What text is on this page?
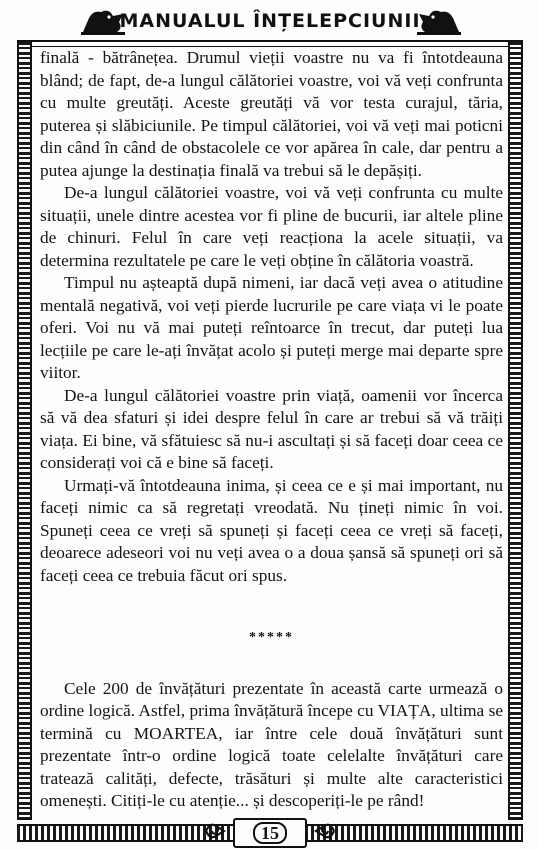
MANUALUL ÎNȚELEPCIUNII

finală - bătrânețea. Drumul vieții voastre nu va fi întotdeauna blând; de fapt, de-a lungul călătoriei voastre, voi vă veți confrunta cu multe greutăți. Aceste greutăți vă vor testa curajul, tăria, puterea și slăbiciunile. Pe timpul călătoriei, voi vă veți mai poticni din când în când de obstacolele ce vor apărea în cale, dar pentru a putea ajunge la destinația finală va trebui să le depășiți.

De-a lungul călătoriei voastre, voi vă veți confrunta cu multe situații, unele dintre acestea vor fi pline de bucurii, iar altele pline de chinuri. Felul în care veți reacționa la acele situații, va determina rezultatele pe care le veți obține în călătoria voastră.

Timpul nu așteaptă după nimeni, iar dacă veți avea o atitudine mentală negativă, voi veți pierde lucrurile pe care viața vi le poate oferi. Voi nu vă mai puteți reîntoarce în trecut, dar puteți lua lecțiile pe care le-ați învățat acolo și puteți merge mai departe spre viitor.

De-a lungul călătoriei voastre prin viață, oamenii vor încerca să vă dea sfaturi și idei despre felul în care ar trebui să vă trăiți viața. Ei bine, vă sfătuiesc să nu-i ascultați și să faceți doar ceea ce considerați voi că e bine să faceți.

Urmați-vă întotdeauna inima, și ceea ce e și mai important, nu faceți nimic ca să regretați vreodată. Nu țineți nimic în voi. Spuneți ceea ce vreți să spuneți și faceți ceea ce vreți să faceți, deoarece adeseori voi nu veți avea o a doua șansă să spuneți ori să faceți ceea ce trebuia făcut ori spus.

*****

Cele 200 de învățături prezentate în această carte urmează o ordine logică. Astfel, prima învățătură începe cu VIAȚA, ultima se termină cu MOARTEA, iar între cele două învățături sunt prezentate într-o ordine logică toate celelalte învățături care tratează calități, defecte, trăsături și multe alte caracteristici omenești. Citiți-le cu atenție... și descoperiți-le pe rând!

15
